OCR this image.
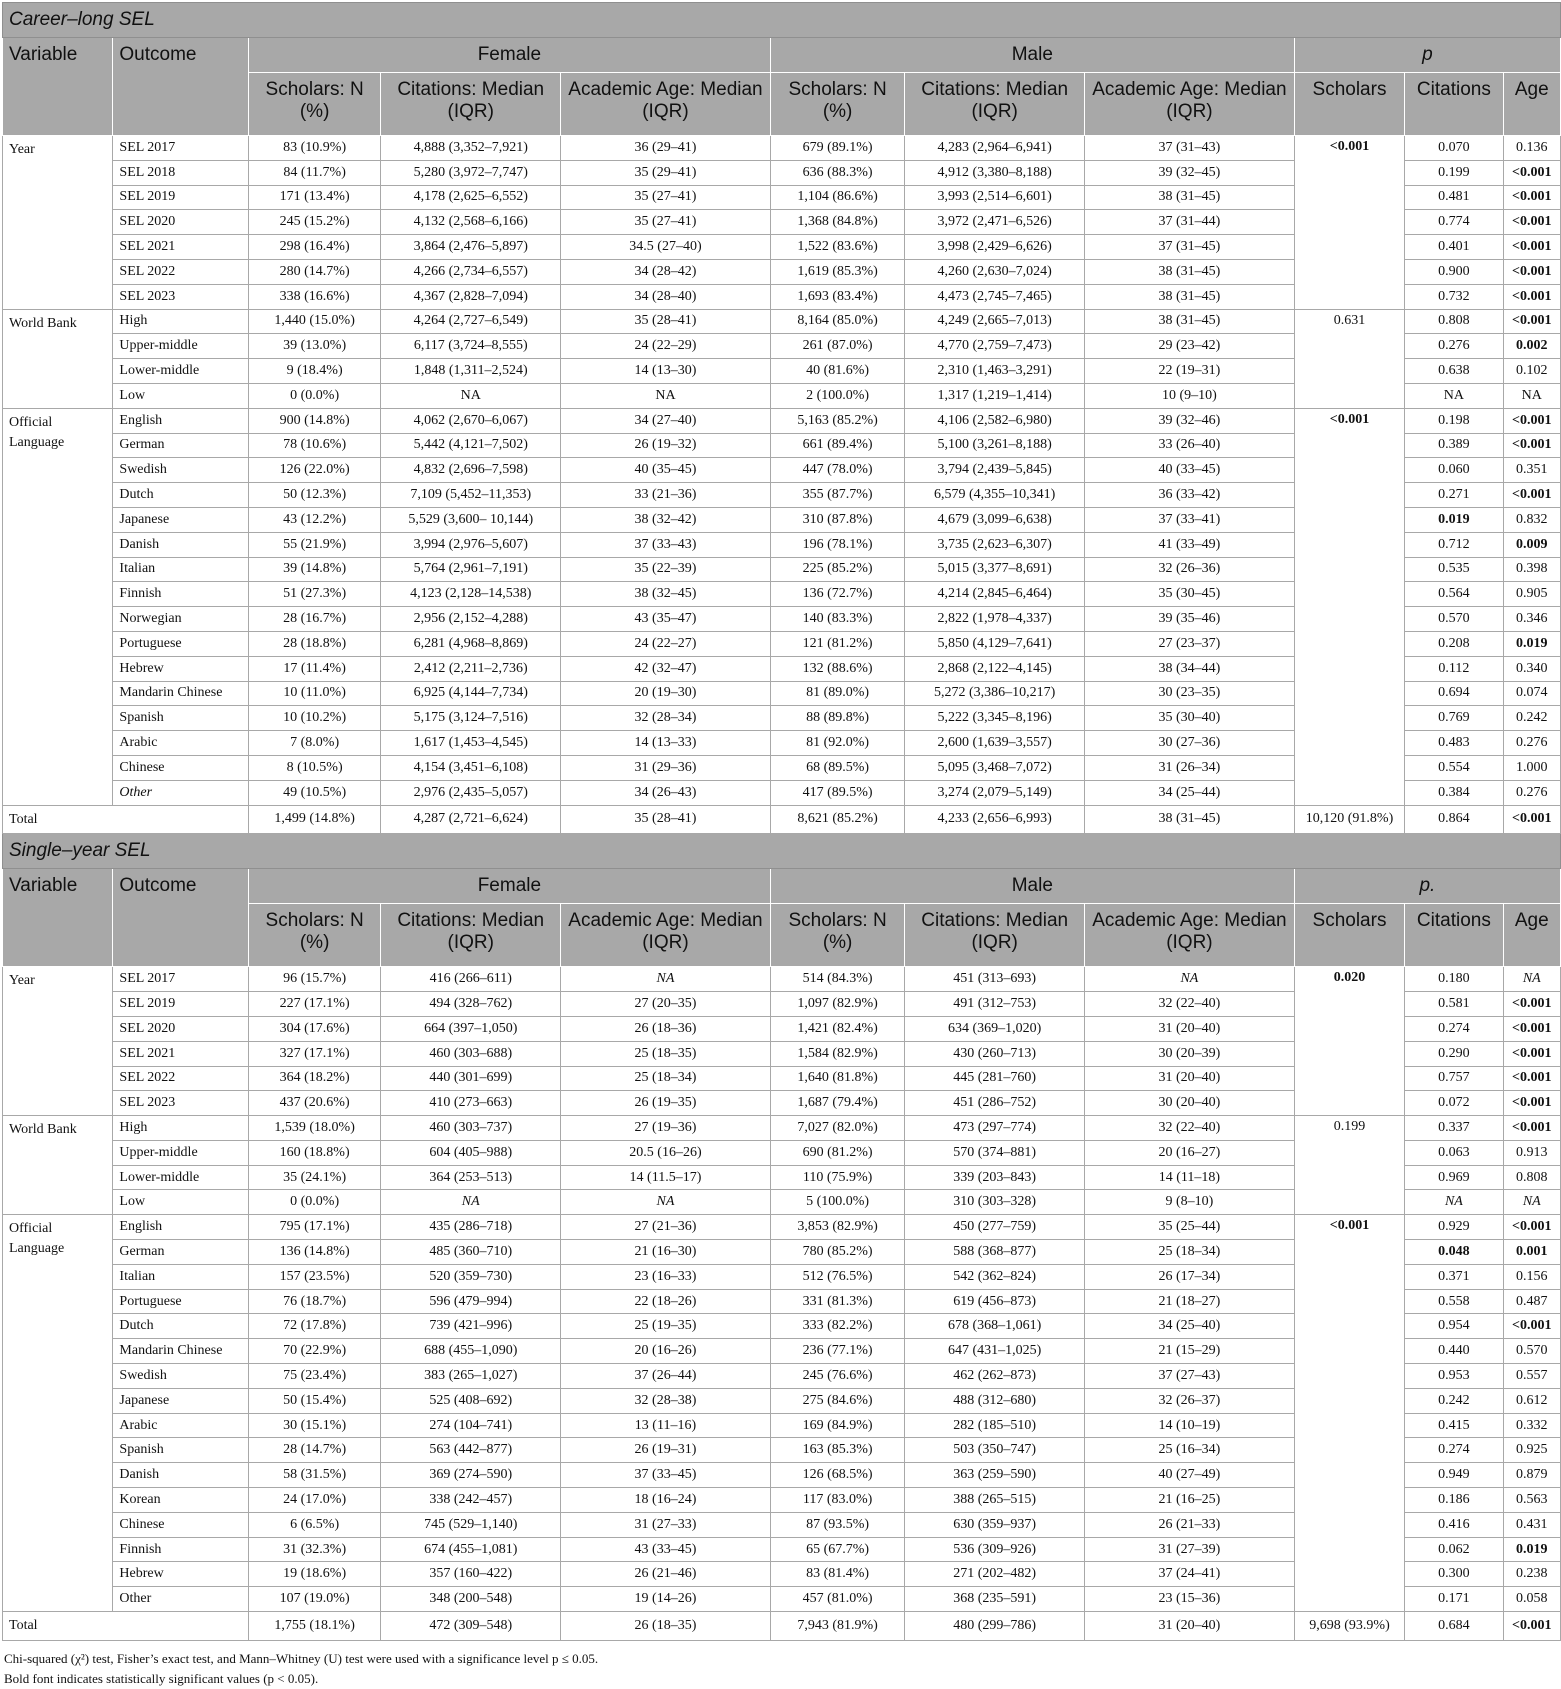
Career–long SEL										
Variable	Outcome	Female			Male			p		
		Scholars: N (%)	Citations: Median (IQR)	Academic Age: Median (IQR)	Scholars: N (%)	Citations: Median (IQR)	Academic Age: Median (IQR)	Scholars	Citations	Age
Year	SEL 2017	83 (10.9%)	4,888 (3,352–7,921)	36 (29–41)	679 (89.1%)	4,283 (2,964–6,941)	37 (31–43)	<0.001	0.070	0.136
	SEL 2018	84 (11.7%)	5,280 (3,972–7,747)	35 (29–41)	636 (88.3%)	4,912 (3,380–8,188)	39 (32–45)		0.199	<0.001
	SEL 2019	171 (13.4%)	4,178 (2,625–6,552)	35 (27–41)	1,104 (86.6%)	3,993 (2,514–6,601)	38 (31–45)		0.481	<0.001
	SEL 2020	245 (15.2%)	4,132 (2,568–6,166)	35 (27–41)	1,368 (84.8%)	3,972 (2,471–6,526)	37 (31–44)		0.774	<0.001
	SEL 2021	298 (16.4%)	3,864 (2,476–5,897)	34.5 (27–40)	1,522 (83.6%)	3,998 (2,429–6,626)	37 (31–45)		0.401	<0.001
	SEL 2022	280 (14.7%)	4,266 (2,734–6,557)	34 (28–42)	1,619 (85.3%)	4,260 (2,630–7,024)	38 (31–45)		0.900	<0.001
	SEL 2023	338 (16.6%)	4,367 (2,828–7,094)	34 (28–40)	1,693 (83.4%)	4,473 (2,745–7,465)	38 (31–45)		0.732	<0.001
World Bank	High	1,440 (15.0%)	4,264 (2,727–6,549)	35 (28–41)	8,164 (85.0%)	4,249 (2,665–7,013)	38 (31–45)	0.631	0.808	<0.001
	Upper-middle	39 (13.0%)	6,117 (3,724–8,555)	24 (22–29)	261 (87.0%)	4,770 (2,759–7,473)	29 (23–42)		0.276	0.002
	Lower-middle	9 (18.4%)	1,848 (1,311–2,524)	14 (13–30)	40 (81.6%)	2,310 (1,463–3,291)	22 (19–31)		0.638	0.102
	Low	0 (0.0%)	NA	NA	2 (100.0%)	1,317 (1,219–1,414)	10 (9–10)		NA	NA
Official Language	English	900 (14.8%)	4,062 (2,670–6,067)	34 (27–40)	5,163 (85.2%)	4,106 (2,582–6,980)	39 (32–46)	<0.001	0.198	<0.001
	German	78 (10.6%)	5,442 (4,121–7,502)	26 (19–32)	661 (89.4%)	5,100 (3,261–8,188)	33 (26–40)		0.389	<0.001
	Swedish	126 (22.0%)	4,832 (2,696–7,598)	40 (35–45)	447 (78.0%)	3,794 (2,439–5,845)	40 (33–45)		0.060	0.351
	Dutch	50 (12.3%)	7,109 (5,452–11,353)	33 (21–36)	355 (87.7%)	6,579 (4,355–10,341)	36 (33–42)		0.271	<0.001
	Japanese	43 (12.2%)	5,529 (3,600– 10,144)	38 (32–42)	310 (87.8%)	4,679 (3,099–6,638)	37 (33–41)		0.019	0.832
	Danish	55 (21.9%)	3,994 (2,976–5,607)	37 (33–43)	196 (78.1%)	3,735 (2,623–6,307)	41 (33–49)		0.712	0.009
	Italian	39 (14.8%)	5,764 (2,961–7,191)	35 (22–39)	225 (85.2%)	5,015 (3,377–8,691)	32 (26–36)		0.535	0.398
	Finnish	51 (27.3%)	4,123 (2,128–14,538)	38 (32–45)	136 (72.7%)	4,214 (2,845–6,464)	35 (30–45)		0.564	0.905
	Norwegian	28 (16.7%)	2,956 (2,152–4,288)	43 (35–47)	140 (83.3%)	2,822 (1,978–4,337)	39 (35–46)		0.570	0.346
	Portuguese	28 (18.8%)	6,281 (4,968–8,869)	24 (22–27)	121 (81.2%)	5,850 (4,129–7,641)	27 (23–37)		0.208	0.019
	Hebrew	17 (11.4%)	2,412 (2,211–2,736)	42 (32–47)	132 (88.6%)	2,868 (2,122–4,145)	38 (34–44)		0.112	0.340
	Mandarin Chinese	10 (11.0%)	6,925 (4,144–7,734)	20 (19–30)	81 (89.0%)	5,272 (3,386–10,217)	30 (23–35)		0.694	0.074
	Spanish	10 (10.2%)	5,175 (3,124–7,516)	32 (28–34)	88 (89.8%)	5,222 (3,345–8,196)	35 (30–40)		0.769	0.242
	Arabic	7 (8.0%)	1,617 (1,453–4,545)	14 (13–33)	81 (92.0%)	2,600 (1,639–3,557)	30 (27–36)		0.483	0.276
	Chinese	8 (10.5%)	4,154 (3,451–6,108)	31 (29–36)	68 (89.5%)	5,095 (3,468–7,072)	31 (26–34)		0.554	1.000
	Other	49 (10.5%)	2,976 (2,435–5,057)	34 (26–43)	417 (89.5%)	3,274 (2,079–5,149)	34 (25–44)		0.384	0.276
Total		1,499 (14.8%)	4,287 (2,721–6,624)	35 (28–41)	8,621 (85.2%)	4,233 (2,656–6,993)	38 (31–45)	10,120 (91.8%)	0.864	<0.001
Single–year SEL										
Variable	Outcome	Female			Male			p.		
		Scholars: N (%)	Citations: Median (IQR)	Academic Age: Median (IQR)	Scholars: N (%)	Citations: Median (IQR)	Academic Age: Median (IQR)	Scholars	Citations	Age
Year	SEL 2017	96 (15.7%)	416 (266–611)	NA	514 (84.3%)	451 (313–693)	NA	0.020	0.180	NA
	SEL 2019	227 (17.1%)	494 (328–762)	27 (20–35)	1,097 (82.9%)	491 (312–753)	32 (22–40)		0.581	<0.001
	SEL 2020	304 (17.6%)	664 (397–1,050)	26 (18–36)	1,421 (82.4%)	634 (369–1,020)	31 (20–40)		0.274	<0.001
	SEL 2021	327 (17.1%)	460 (303–688)	25 (18–35)	1,584 (82.9%)	430 (260–713)	30 (20–39)		0.290	<0.001
	SEL 2022	364 (18.2%)	440 (301–699)	25 (18–34)	1,640 (81.8%)	445 (281–760)	31 (20–40)		0.757	<0.001
	SEL 2023	437 (20.6%)	410 (273–663)	26 (19–35)	1,687 (79.4%)	451 (286–752)	30 (20–40)		0.072	<0.001
World Bank	High	1,539 (18.0%)	460 (303–737)	27 (19–36)	7,027 (82.0%)	473 (297–774)	32 (22–40)	0.199	0.337	<0.001
	Upper-middle	160 (18.8%)	604 (405–988)	20.5 (16–26)	690 (81.2%)	570 (374–881)	20 (16–27)		0.063	0.913
	Lower-middle	35 (24.1%)	364 (253–513)	14 (11.5–17)	110 (75.9%)	339 (203–843)	14 (11–18)		0.969	0.808
	Low	0 (0.0%)	NA	NA	5 (100.0%)	310 (303–328)	9 (8–10)		NA	NA
Official Language	English	795 (17.1%)	435 (286–718)	27 (21–36)	3,853 (82.9%)	450 (277–759)	35 (25–44)	<0.001	0.929	<0.001
	German	136 (14.8%)	485 (360–710)	21 (16–30)	780 (85.2%)	588 (368–877)	25 (18–34)		0.048	0.001
	Italian	157 (23.5%)	520 (359–730)	23 (16–33)	512 (76.5%)	542 (362–824)	26 (17–34)		0.371	0.156
	Portuguese	76 (18.7%)	596 (479–994)	22 (18–26)	331 (81.3%)	619 (456–873)	21 (18–27)		0.558	0.487
	Dutch	72 (17.8%)	739 (421–996)	25 (19–35)	333 (82.2%)	678 (368–1,061)	34 (25–40)		0.954	<0.001
	Mandarin Chinese	70 (22.9%)	688 (455–1,090)	20 (16–26)	236 (77.1%)	647 (431–1,025)	21 (15–29)		0.440	0.570
	Swedish	75 (23.4%)	383 (265–1,027)	37 (26–44)	245 (76.6%)	462 (262–873)	37 (27–43)		0.953	0.557
	Japanese	50 (15.4%)	525 (408–692)	32 (28–38)	275 (84.6%)	488 (312–680)	32 (26–37)		0.242	0.612
	Arabic	30 (15.1%)	274 (104–741)	13 (11–16)	169 (84.9%)	282 (185–510)	14 (10–19)		0.415	0.332
	Spanish	28 (14.7%)	563 (442–877)	26 (19–31)	163 (85.3%)	503 (350–747)	25 (16–34)		0.274	0.925
	Danish	58 (31.5%)	369 (274–590)	37 (33–45)	126 (68.5%)	363 (259–590)	40 (27–49)		0.949	0.879
	Korean	24 (17.0%)	338 (242–457)	18 (16–24)	117 (83.0%)	388 (265–515)	21 (16–25)		0.186	0.563
	Chinese	6 (6.5%)	745 (529–1,140)	31 (27–33)	87 (93.5%)	630 (359–937)	26 (21–33)		0.416	0.431
	Finnish	31 (32.3%)	674 (455–1,081)	43 (33–45)	65 (67.7%)	536 (309–926)	31 (27–39)		0.062	0.019
	Hebrew	19 (18.6%)	357 (160–422)	26 (21–46)	83 (81.4%)	271 (202–482)	37 (24–41)		0.300	0.238
	Other	107 (19.0%)	348 (200–548)	19 (14–26)	457 (81.0%)	368 (235–591)	23 (15–36)		0.171	0.058
Total		1,755 (18.1%)	472 (309–548)	26 (18–35)	7,943 (81.9%)	480 (299–786)	31 (20–40)	9,698 (93.9%)	0.684	<0.001
Chi-squared (χ²) test, Fisher’s exact test, and Mann–Whitney (U) test were used with a significance level p ≤ 0.05.
Bold font indicates statistically significant values (p < 0.05).
